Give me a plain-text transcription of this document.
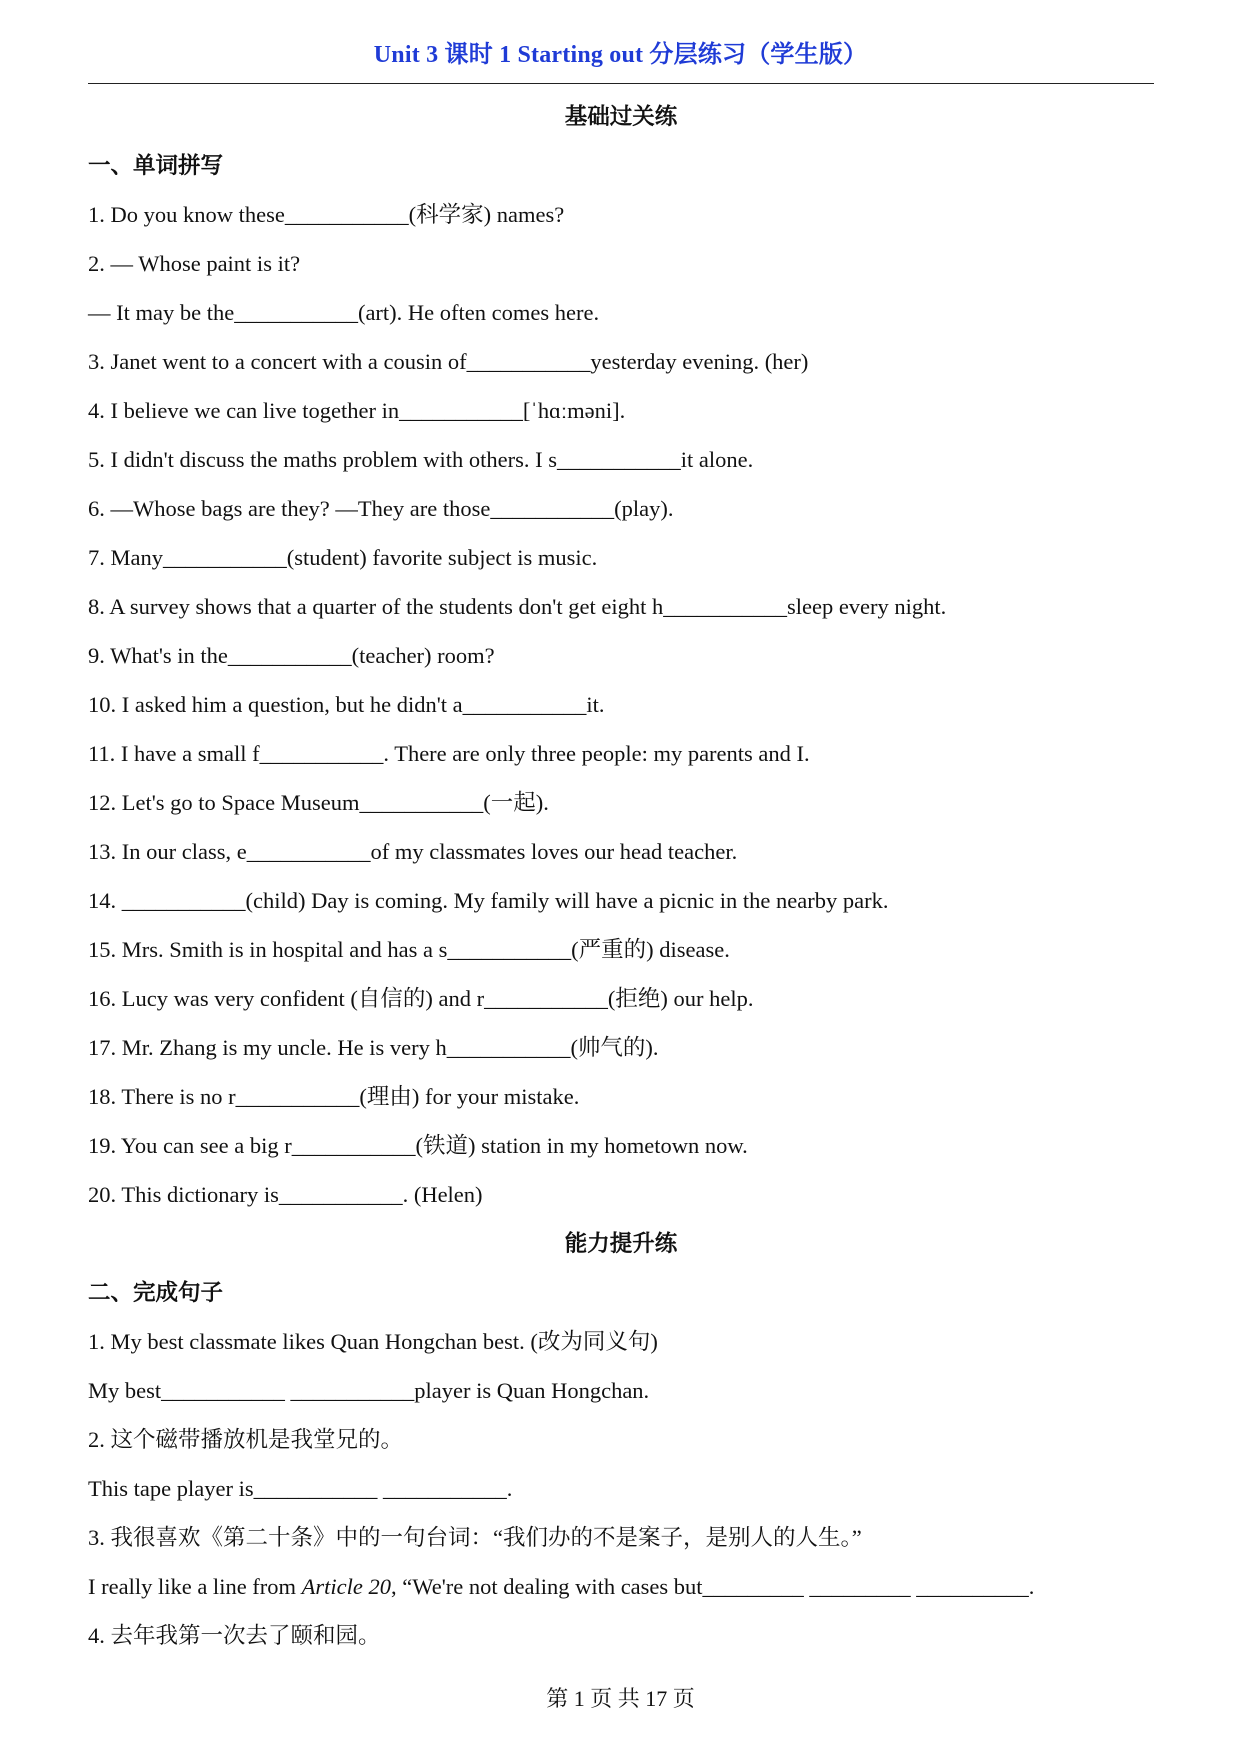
Unit 3 课时 1 Starting out 分层练习（学生版）
基础过关练
一、单词拼写
1. Do you know these___________(科学家) names?
2. — Whose paint is it?
— It may be the___________(art). He often comes here.
3. Janet went to a concert with a cousin of___________yesterday evening. (her)
4. I believe we can live together in___________[ˈhɑːməni].
5. I didn't discuss the maths problem with others. I s___________it alone.
6. —Whose bags are they? —They are those___________(play).
7. Many___________(student) favorite subject is music.
8. A survey shows that a quarter of the students don't get eight h___________sleep every night.
9. What's in the___________(teacher) room?
10. I asked him a question, but he didn't a___________it.
11. I have a small f___________. There are only three people: my parents and I.
12. Let's go to Space Museum___________(一起).
13. In our class, e___________of my classmates loves our head teacher.
14. ___________(child) Day is coming. My family will have a picnic in the nearby park.
15. Mrs. Smith is in hospital and has a s___________(严重的) disease.
16. Lucy was very confident (自信的) and r___________(拒绝) our help.
17. Mr. Zhang is my uncle. He is very h___________(帅气的).
18. There is no r___________(理由) for your mistake.
19. You can see a big r___________(铁道) station in my hometown now.
20. This dictionary is___________. (Helen)
能力提升练
二、完成句子
1. My best classmate likes Quan Hongchan best. (改为同义句)
My best___________ ___________player is Quan Hongchan.
2. 这个磁带播放机是我堂兄的。
This tape player is___________ ___________.
3. 我很喜欢《第二十条》中的一句台词：“我们办的不是案子，是别人的人生。”
I really like a line from Article 20, “We're not dealing with cases but_________ _________ __________.
4. 去年我第一次去了颐和园。
第 1 页 共 17 页
